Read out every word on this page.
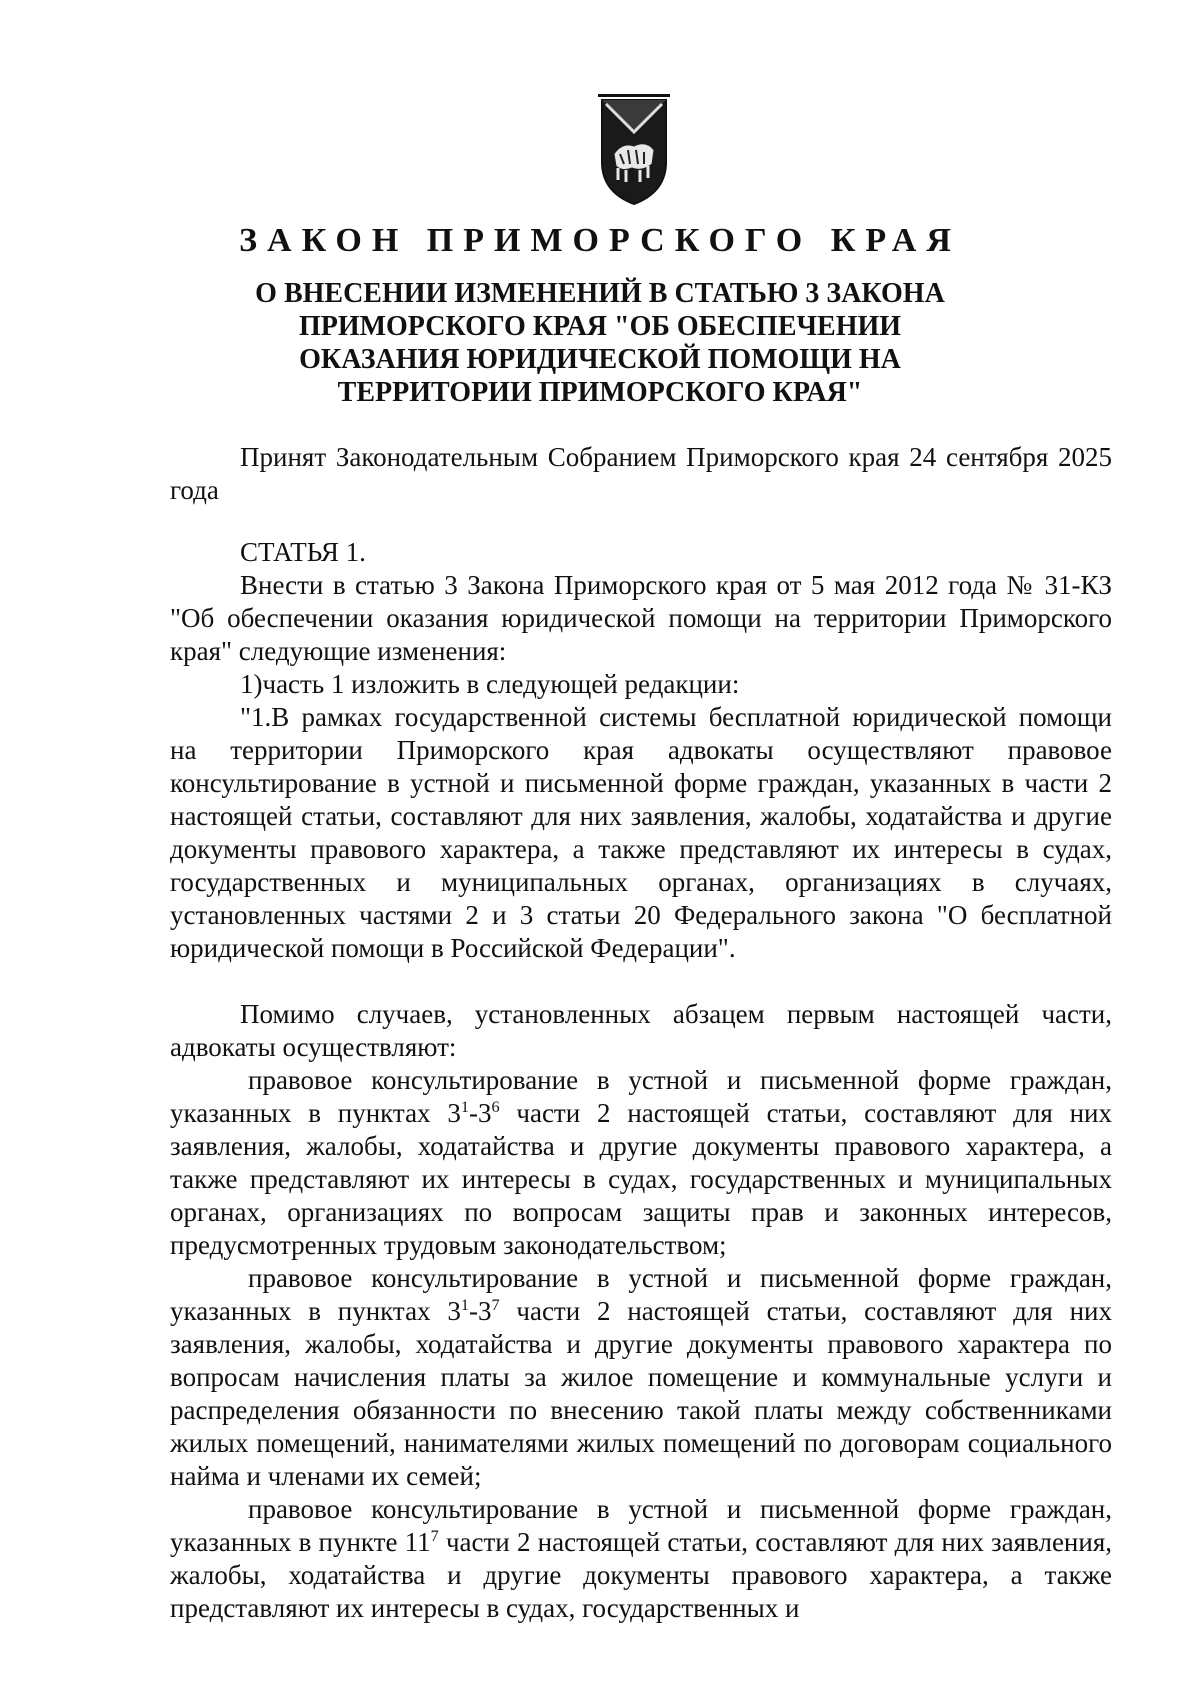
ЗАКОН ПРИМОРСКОГО КРАЯ
О ВНЕСЕНИИ ИЗМЕНЕНИЙ В СТАТЬЮ 3 ЗАКОНА ПРИМОРСКОГО КРАЯ "ОБ ОБЕСПЕЧЕНИИ ОКАЗАНИЯ ЮРИДИЧЕСКОЙ ПОМОЩИ НА ТЕРРИТОРИИ ПРИМОРСКОГО КРАЯ"

Принят Законодательным Собранием Приморского края 24 сентября 2025 года

СТАТЬЯ 1.

Внести в статью 3 Закона Приморского края от 5 мая 2012 года № 31-КЗ "Об обеспечении оказания юридической помощи на территории Приморского края" следующие изменения:

1)часть 1 изложить в следующей редакции:

"1.В рамках государственной системы бесплатной юридической помощи на территории Приморского края адвокаты осуществляют правовое консультирование в устной и письменной форме граждан, указанных в части 2 настоящей статьи, составляют для них заявления, жалобы, ходатайства и другие документы правового характера, а также представляют их интересы в судах, государственных и муниципальных органах, организациях в случаях, установленных частями 2 и 3 статьи 20 Федерального закона "О бесплатной юридической помощи в Российской Федерации".

Помимо случаев, установленных абзацем первым настоящей части, адвокаты осуществляют:

правовое консультирование в устной и письменной форме граждан, указанных в пунктах $3^1-3^6$ части 2 настоящей статьи, составляют для них заявления, жалобы, ходатайства и другие документы правового характера, а также представляют их интересы в судах, государственных и муниципальных органах, организациях по вопросам защиты прав и законных интересов, предусмотренных трудовым законодательством;

правовое консультирование в устной и письменной форме граждан, указанных в пунктах $3^1-3^7$ части 2 настоящей статьи, составляют для них заявления, жалобы, ходатайства и другие документы правового характера по вопросам начисления платы за жилое помещение и коммунальные услуги и распределения обязанности по внесению такой платы между собственниками жилых помещений, нанимателями жилых помещений по договорам социального найма и членами их семей;

правовое консультирование в устной и письменной форме граждан, указанных в пункте $11^7$ части 2 настоящей статьи, составляют для них заявления, жалобы, ходатайства и другие документы правового характера, а также представляют их интересы в судах, государственных и
